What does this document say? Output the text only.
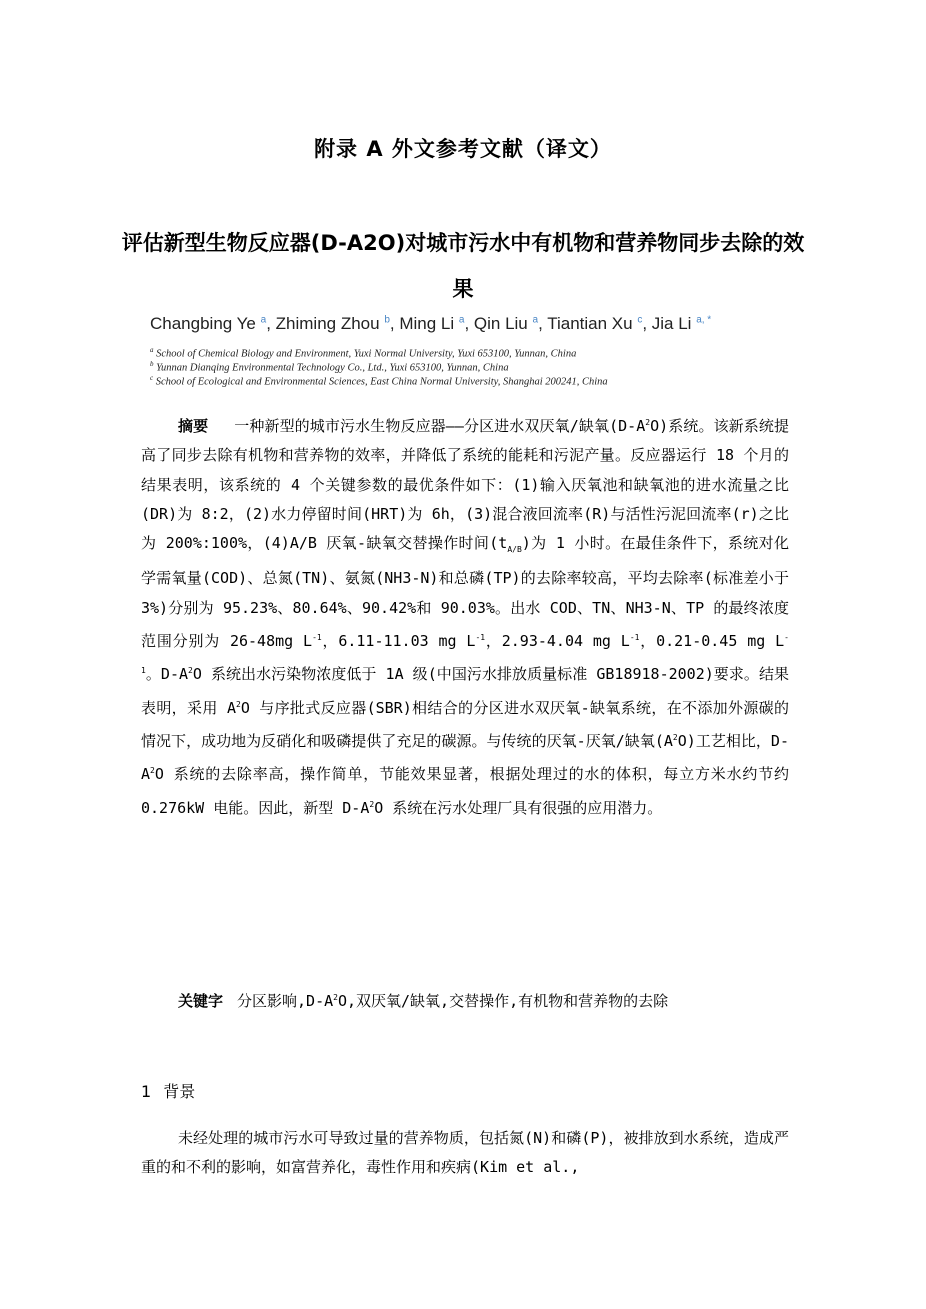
附录 A 外文参考文献（译文）
评估新型生物反应器(D-A2O)对城市污水中有机物和营养物同步去除的效果
Changbing Ye $^a$, Zhiming Zhou $^b$, Ming Li $^a$, Qin Liu $^a$, Tiantian Xu $^c$, Jia Li $^{a, *}$
$^a$ School of Chemical Biology and Environment, Yuxi Normal University, Yuxi 653100, Yunnan, China
$^b$ Yunnan Dianqing Environmental Technology Co., Ltd., Yuxi 653100, Yunnan, China
$^c$ School of Ecological and Environmental Sciences, East China Normal University, Shanghai 200241, China
摘要 一种新型的城市污水生物反应器——分区进水双厌氧/缺氧$(D-A^2O)$系统。该新系统提高了同步去除有机物和营养物的效率，并降低了系统的能耗和污泥产量。反应器运行 18 个月的结果表明，该系统的 4 个关键参数的最优条件如下：(1)输入厌氧池和缺氧池的进水流量之比(DR)为 8:2，(2)水力停留时间(HRT)为 6h，(3)混合液回流率(R)与活性污泥回流率(r)之比为 200%:100%，(4)A/B 厌氧-缺氧交替操作时间$(t_{A/B})$为 1 小时。在最佳条件下，系统对化学需氧量(COD)、总氮(TN)、氨氮(NH3-N)和总磷(TP)的去除率较高，平均去除率(标准差小于 3%)分别为 95.23%、80.64%、90.42%和 90.03%。出水 COD、TN、NH3-N、TP 的最终浓度范围分别为 26-48mg $L^{-1}$，6.11-11.03 mg $L^{-1}$，2.93-4.04 mg $L^{-1}$，0.21-0.45 mg $L^{-1}$。$D-A^2O$ 系统出水污染物浓度低于 1A 级(中国污水排放质量标准 GB18918-2002)要求。结果表明，采用 $A^2O$ 与序批式反应器(SBR)相结合的分区进水双厌氧-缺氧系统，在不添加外源碳的情况下，成功地为反硝化和吸磷提供了充足的碳源。与传统的厌氧-厌氧/缺氧$(A^2O)$工艺相比，$D-A^2O$ 系统的去除率高，操作简单，节能效果显著，根据处理过的水的体积，每立方米水约节约 0.276kW 电能。因此，新型 $D-A^2O$ 系统在污水处理厂具有很强的应用潜力。
关键字 分区影响$,D-A^2O$,双厌氧/缺氧,交替操作,有机物和营养物的去除
1 背景
未经处理的城市污水可导致过量的营养物质，包括氮(N)和磷(P)，被排放到水系统，造成严重的和不利的影响，如富营养化，毒性作用和疾病(Kim et al.,
